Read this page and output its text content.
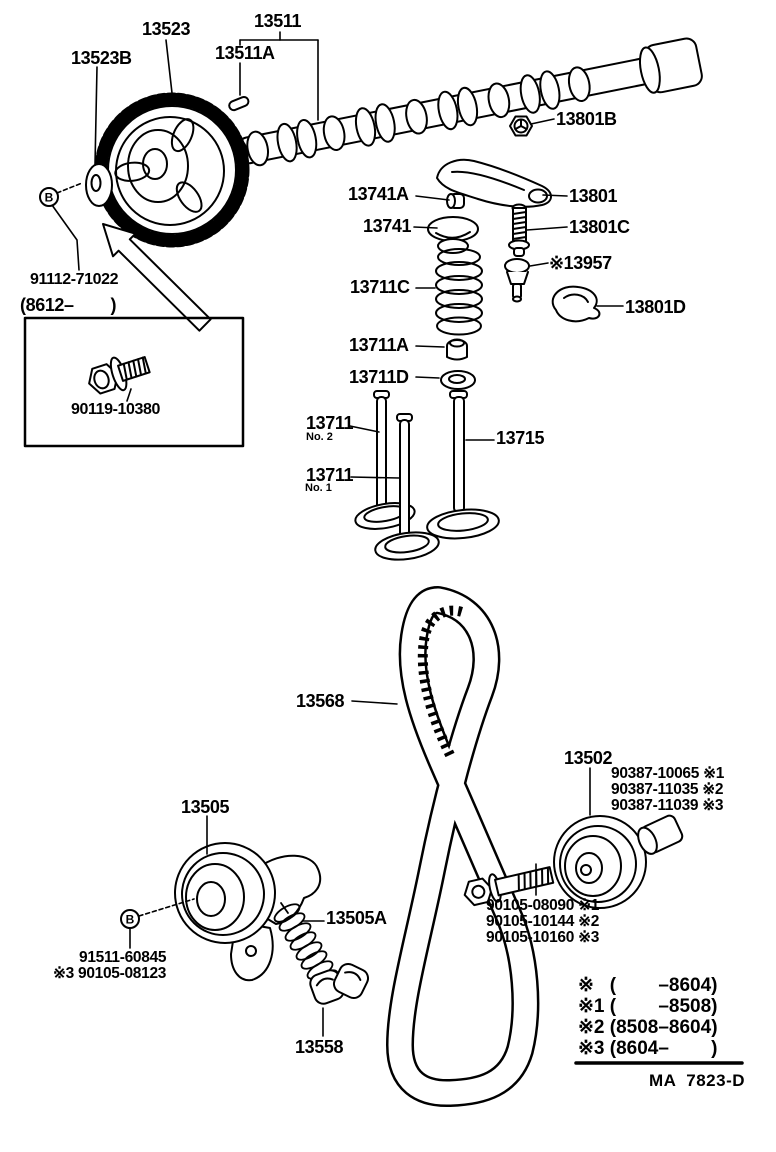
B
B
13523	13511
13511A
13523B
13801B
13741A	13801
13741	13801C
※13957
13711C
13801D
13711A
13711D
91112-71022
(8612–        )
90119-10380
13711
No. 2	13715
13711
No. 1
13568
13502
90387-10065 ※1
90387-11035 ※2
90387-11039 ※3
13505
13505A
91511-60845
※3 90105-08123
13558
90105-08090 ※1
90105-10144 ※2
90105-10160 ※3
※   (        –8604)
※1 (        –8508)
※2 (8508–8604)
※3 (8604–        )
MA  7823-D
